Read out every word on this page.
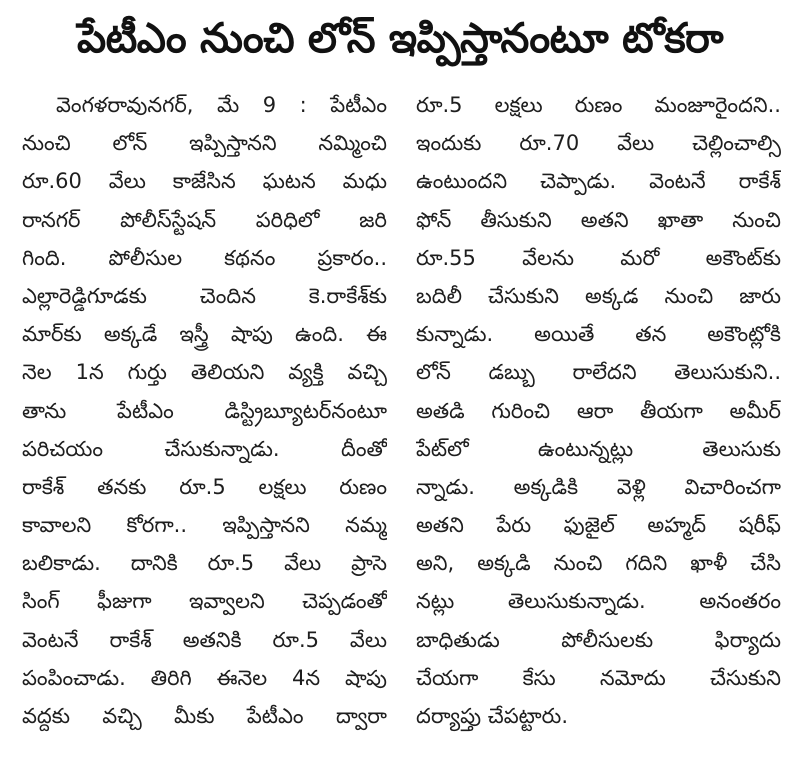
పేటీఎం నుంచి లోన్ ఇప్పిస్తానంటూ టోకరా
వెంగళరావునగర్, మే 9 : పేటీఎం
నుంచి లోన్ ఇప్పిస్తానని నమ్మించి
రూ.60 వేలు కాజేసిన ఘటన మధు
రానగర్ పోలీస్‌స్టేషన్ పరిధిలో జరి
గింది. పోలీసుల కథనం ప్రకారం..
ఎల్లారెడ్డిగూడకు చెందిన కె.రాకేశ్‌కు
మార్‌కు అక్కడే ఇస్త్రీ షాపు ఉంది. ఈ
నెల 1న గుర్తు తెలియని వ్యక్తి వచ్చి
తాను పేటీఎం డిస్ట్రిబ్యూటర్‌నంటూ
పరిచయం చేసుకున్నాడు. దీంతో
రాకేశ్ తనకు రూ.5 లక్షలు రుణం
కావాలని కోరగా.. ఇప్పిస్తానని నమ్మ
బలికాడు. దానికి రూ.5 వేలు ప్రాసె
సింగ్ ఫీజుగా ఇవ్వాలని చెప్పడంతో
వెంటనే రాకేశ్ అతనికి రూ.5 వేలు
పంపించాడు. తిరిగి ఈనెల 4న షాపు
వద్దకు వచ్చి మీకు పేటీఎం ద్వారా
రూ.5 లక్షలు రుణం మంజూరైందని..
ఇందుకు రూ.70 వేలు చెల్లించాల్సి
ఉంటుందని చెప్పాడు. వెంటనే రాకేశ్
ఫోన్ తీసుకుని అతని ఖాతా నుంచి
రూ.55 వేలను మరో అకౌంట్‌కు
బదిలీ చేసుకుని అక్కడ నుంచి జారు
కున్నాడు. అయితే తన అకౌంట్లోకి
లోన్ డబ్బు రాలేదని తెలుసుకుని..
అతడి గురించి ఆరా తీయగా అమీర్
పేట్‌లో ఉంటున్నట్లు తెలుసుకు
న్నాడు. అక్కడికి వెళ్లి విచారించగా
అతని పేరు ఫుజైల్ అహ్మద్ షరీఫ్
అని, అక్కడి నుంచి గదిని ఖాళీ చేసి
నట్లు తెలుసుకున్నాడు. అనంతరం
బాధితుడు పోలీసులకు ఫిర్యాదు
చేయగా కేసు నమోదు చేసుకుని
దర్యాప్తు చేపట్టారు.
